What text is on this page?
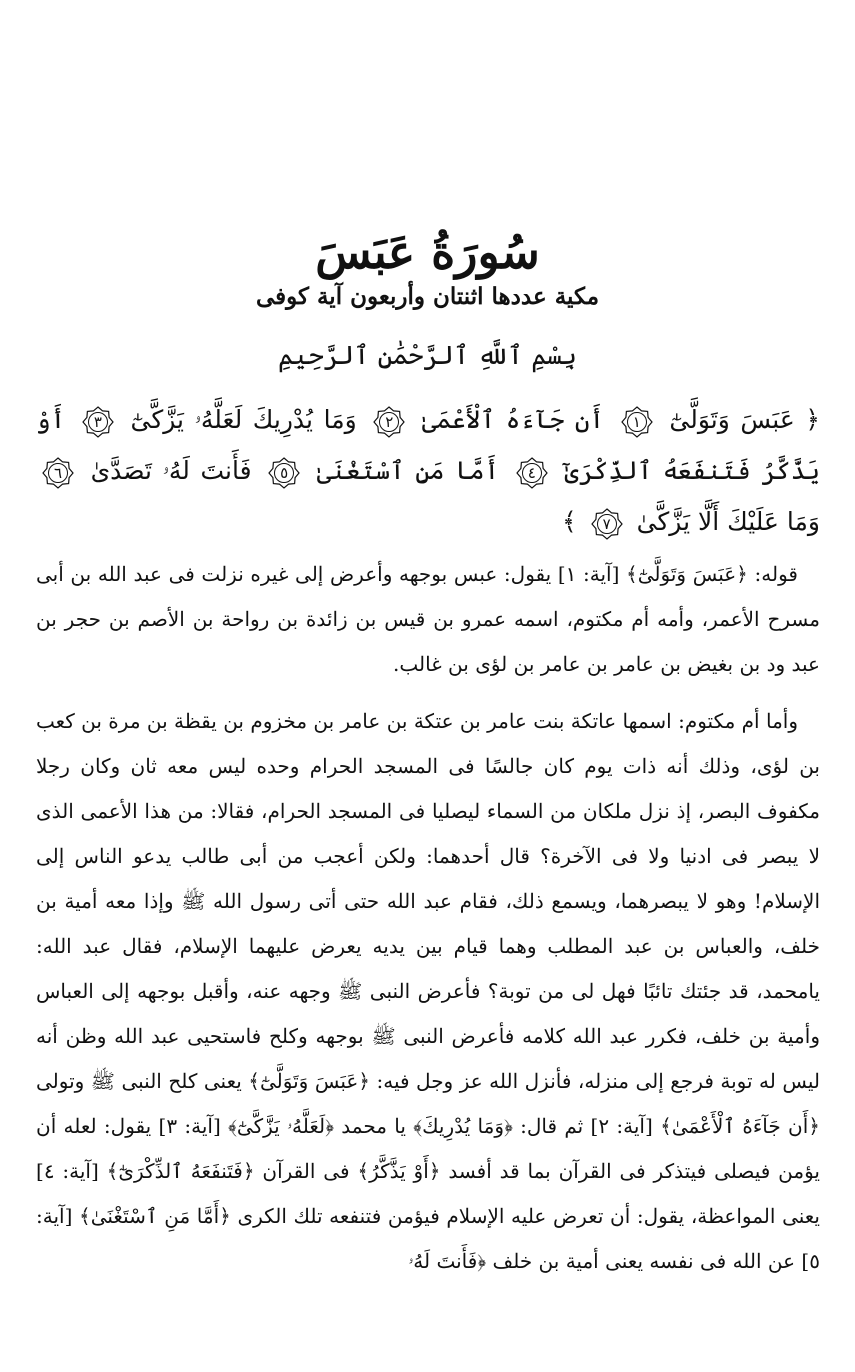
سُورَةُ عَبَسَ
مكية عددها اثنتان وأربعون آية كوفى
بِسْمِ ٱللَّهِ ٱلرَّحْمَٰنِ ٱلرَّحِيمِ
﴿ عَبَسَ وَتَوَلَّىٰٓ
١
أَن جَآءَهُ ٱلْأَعْمَىٰ
٢
وَمَا يُدْرِيكَ لَعَلَّهُۥ يَزَّكَّىٰٓ
٣
أَوْ يَذَّكَّرُ فَتَنفَعَهُ ٱلذِّكْرَىٰٓ
٤
أَمَّا مَنِ ٱسْتَغْنَىٰ
٥
فَأَنتَ لَهُۥ تَصَدَّىٰ
٦
وَمَا عَلَيْكَ أَلَّا يَزَّكَّىٰ
٧
﴾

قوله: ﴿عَبَسَ وَتَوَلَّىٰٓ﴾ [آية: ١] يقول: عبس بوجهه وأعرض إلى غيره نزلت فى عبد الله بن أبى مسرح الأعمر، وأمه أم مكتوم، اسمه عمرو بن قيس بن زائدة بن رواحة بن الأصم بن حجر بن عبد ود بن بغيض بن عامر بن عامر بن لؤى بن غالب.

وأما أم مكتوم: اسمها عاتكة بنت عامر بن عتكة بن عامر بن مخزوم بن يقظة بن مرة بن كعب بن لؤى، وذلك أنه ذات يوم كان جالسًا فى المسجد الحرام وحده ليس معه ثان وكان رجلا مكفوف البصر، إذ نزل ملكان من السماء ليصليا فى المسجد الحرام، فقالا: من هذا الأعمى الذى لا يبصر فى ادنيا ولا فى الآخرة؟ قال أحدهما: ولكن أعجب من أبى طالب يدعو الناس إلى الإسلام! وهو لا يبصرهما، ويسمع ذلك، فقام عبد الله حتى أتى رسول الله ﷺ وإذا معه أمية بن خلف، والعباس بن عبد المطلب وهما قيام بين يديه يعرض عليهما الإسلام، فقال عبد الله: يامحمد، قد جئتك تائبًا فهل لى من توبة؟ فأعرض النبى ﷺ وجهه عنه، وأقبل بوجهه إلى العباس وأمية بن خلف، فكرر عبد الله كلامه فأعرض النبى ﷺ بوجهه وكلح فاستحيى عبد الله وظن أنه ليس له توبة فرجع إلى منزله، فأنزل الله عز وجل فيه: ﴿عَبَسَ وَتَوَلَّىٰٓ﴾ يعنى كلح النبى ﷺ وتولى ﴿أَن جَآءَهُ ٱلْأَعْمَىٰ﴾ [آية: ٢] ثم قال: ﴿وَمَا يُدْرِيكَ﴾ يا محمد ﴿لَعَلَّهُۥ يَزَّكَّىٰٓ﴾ [آية: ٣] يقول: لعله أن يؤمن فيصلى فيتذكر فى القرآن بما قد أفسد ﴿أَوْ يَذَّكَّرُ﴾ فى القرآن ﴿فَتَنفَعَهُ ٱلذِّكْرَىٰٓ﴾ [آية: ٤] يعنى المواعظة، يقول: أن تعرض عليه الإسلام فيؤمن فتنفعه تلك الكرى ﴿أَمَّا مَنِ ٱسْتَغْنَىٰ﴾ [آية: ٥] عن الله فى نفسه يعنى أمية بن خلف ﴿فَأَنتَ لَهُۥ
